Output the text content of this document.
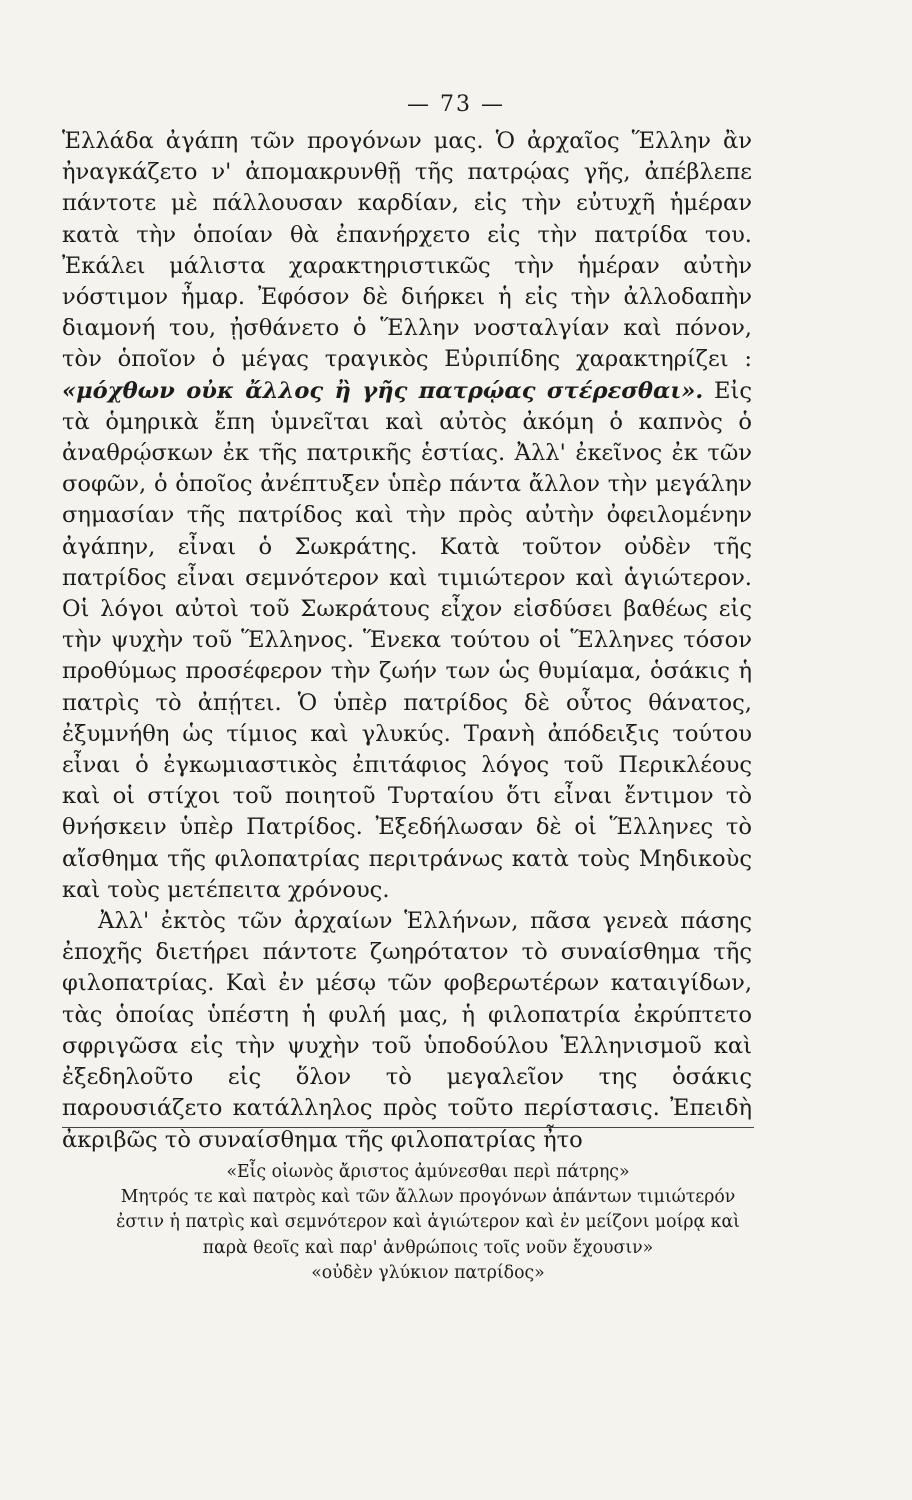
— 73 —

Ἑλλάδα ἀγάπη τῶν προγόνων μας. Ὁ ἀρχαῖος Ἕλλην ἂν ἠναγκάζετο ν' ἀπομακρυνθῇ τῆς πατρῴας γῆς, ἀπέβλεπε πάντοτε μὲ πάλλουσαν καρδίαν, εἰς τὴν εὐτυχῆ ἡμέραν κατὰ τὴν ὁποίαν θὰ ἐπανήρχετο εἰς τὴν πατρίδα του. Ἐκάλει μάλιστα χαρακτηριστικῶς τὴν ἡμέραν αὐτὴν νόστιμον ἦμαρ. Ἐφόσον δὲ διήρκει ἡ εἰς τὴν ἀλλοδαπὴν διαμονή του, ᾐσθάνετο ὁ Ἕλλην νοσταλγίαν καὶ πόνον, τὸν ὁποῖον ὁ μέγας τραγικὸς Εὐριπίδης χαρακτηρίζει : «μόχθων οὐκ ἄλλος ἢ γῆς πατρῴας στέρεσθαι». Εἰς τὰ ὁμηρικὰ ἔπη ὑμνεῖται καὶ αὐτὸς ἀκόμη ὁ καπνὸς ὁ ἀναθρῴσκων ἐκ τῆς πατρικῆς ἑστίας. Ἀλλ' ἐκεῖνος ἐκ τῶν σοφῶν, ὁ ὁποῖος ἀνέπτυξεν ὑπὲρ πάντα ἄλλον τὴν μεγάλην σημασίαν τῆς πατρίδος καὶ τὴν πρὸς αὐτὴν ὀφειλομένην ἀγάπην, εἶναι ὁ Σωκράτης. Κατὰ τοῦτον οὐδὲν τῆς πατρίδος εἶναι σεμνότερον καὶ τιμιώτερον καὶ ἁγιώτερον. Οἱ λόγοι αὐτοὶ τοῦ Σωκράτους εἶχον εἰσδύσει βαθέως εἰς τὴν ψυχὴν τοῦ Ἕλληνος. Ἕνεκα τούτου οἱ Ἕλληνες τόσον προθύμως προσέφερον τὴν ζωήν των ὡς θυμίαμα, ὁσάκις ἡ πατρὶς τὸ ἀπῄτει. Ὁ ὑπὲρ πατρίδος δὲ οὗτος θάνατος, ἐξυμνήθη ὡς τίμιος καὶ γλυκύς. Τρανὴ ἀπόδειξις τούτου εἶναι ὁ ἐγκωμιαστικὸς ἐπιτάφιος λόγος τοῦ Περικλέους καὶ οἱ στίχοι τοῦ ποιητοῦ Τυρταίου ὅτι εἶναι ἔντιμον τὸ θνήσκειν ὑπὲρ Πατρίδος. Ἐξεδήλωσαν δὲ οἱ Ἕλληνες τὸ αἴσθημα τῆς φιλοπατρίας περιτράνως κατὰ τοὺς Μηδικοὺς καὶ τοὺς μετέπειτα χρόνους.

Ἀλλ' ἐκτὸς τῶν ἀρχαίων Ἑλλήνων, πᾶσα γενεὰ πάσης ἐποχῆς διετήρει πάντοτε ζωηρότατον τὸ συναίσθημα τῆς φιλοπατρίας. Καὶ ἐν μέσῳ τῶν φοβερωτέρων καταιγίδων, τὰς ὁποίας ὑπέστη ἡ φυλή μας, ἡ φιλοπατρία ἐκρύπτετο σφριγῶσα εἰς τὴν ψυχὴν τοῦ ὑποδούλου Ἑλληνισμοῦ καὶ ἐξεδηλοῦτο εἰς ὅλον τὸ μεγαλεῖον της ὁσάκις παρουσιάζετο κατάλληλος πρὸς τοῦτο περίστασις. Ἐπειδὴ ἀκριβῶς τὸ συναίσθημα τῆς φιλοπατρίας ἦτο

«Εἷς οἰωνὸς ἄριστος ἀμύνεσθαι περὶ πάτρης»
Μητρός τε καὶ πατρὸς καὶ τῶν ἄλλων προγόνων ἁπάντων τιμιώτερόν
ἐστιν ἡ πατρὶς καὶ σεμνότερον καὶ ἁγιώτερον καὶ ἐν μείζονι μοίρᾳ καὶ
παρὰ θεοῖς καὶ παρ' ἀνθρώποις τοῖς νοῦν ἔχουσιν»
«οὐδὲν γλύκιον πατρίδος»
